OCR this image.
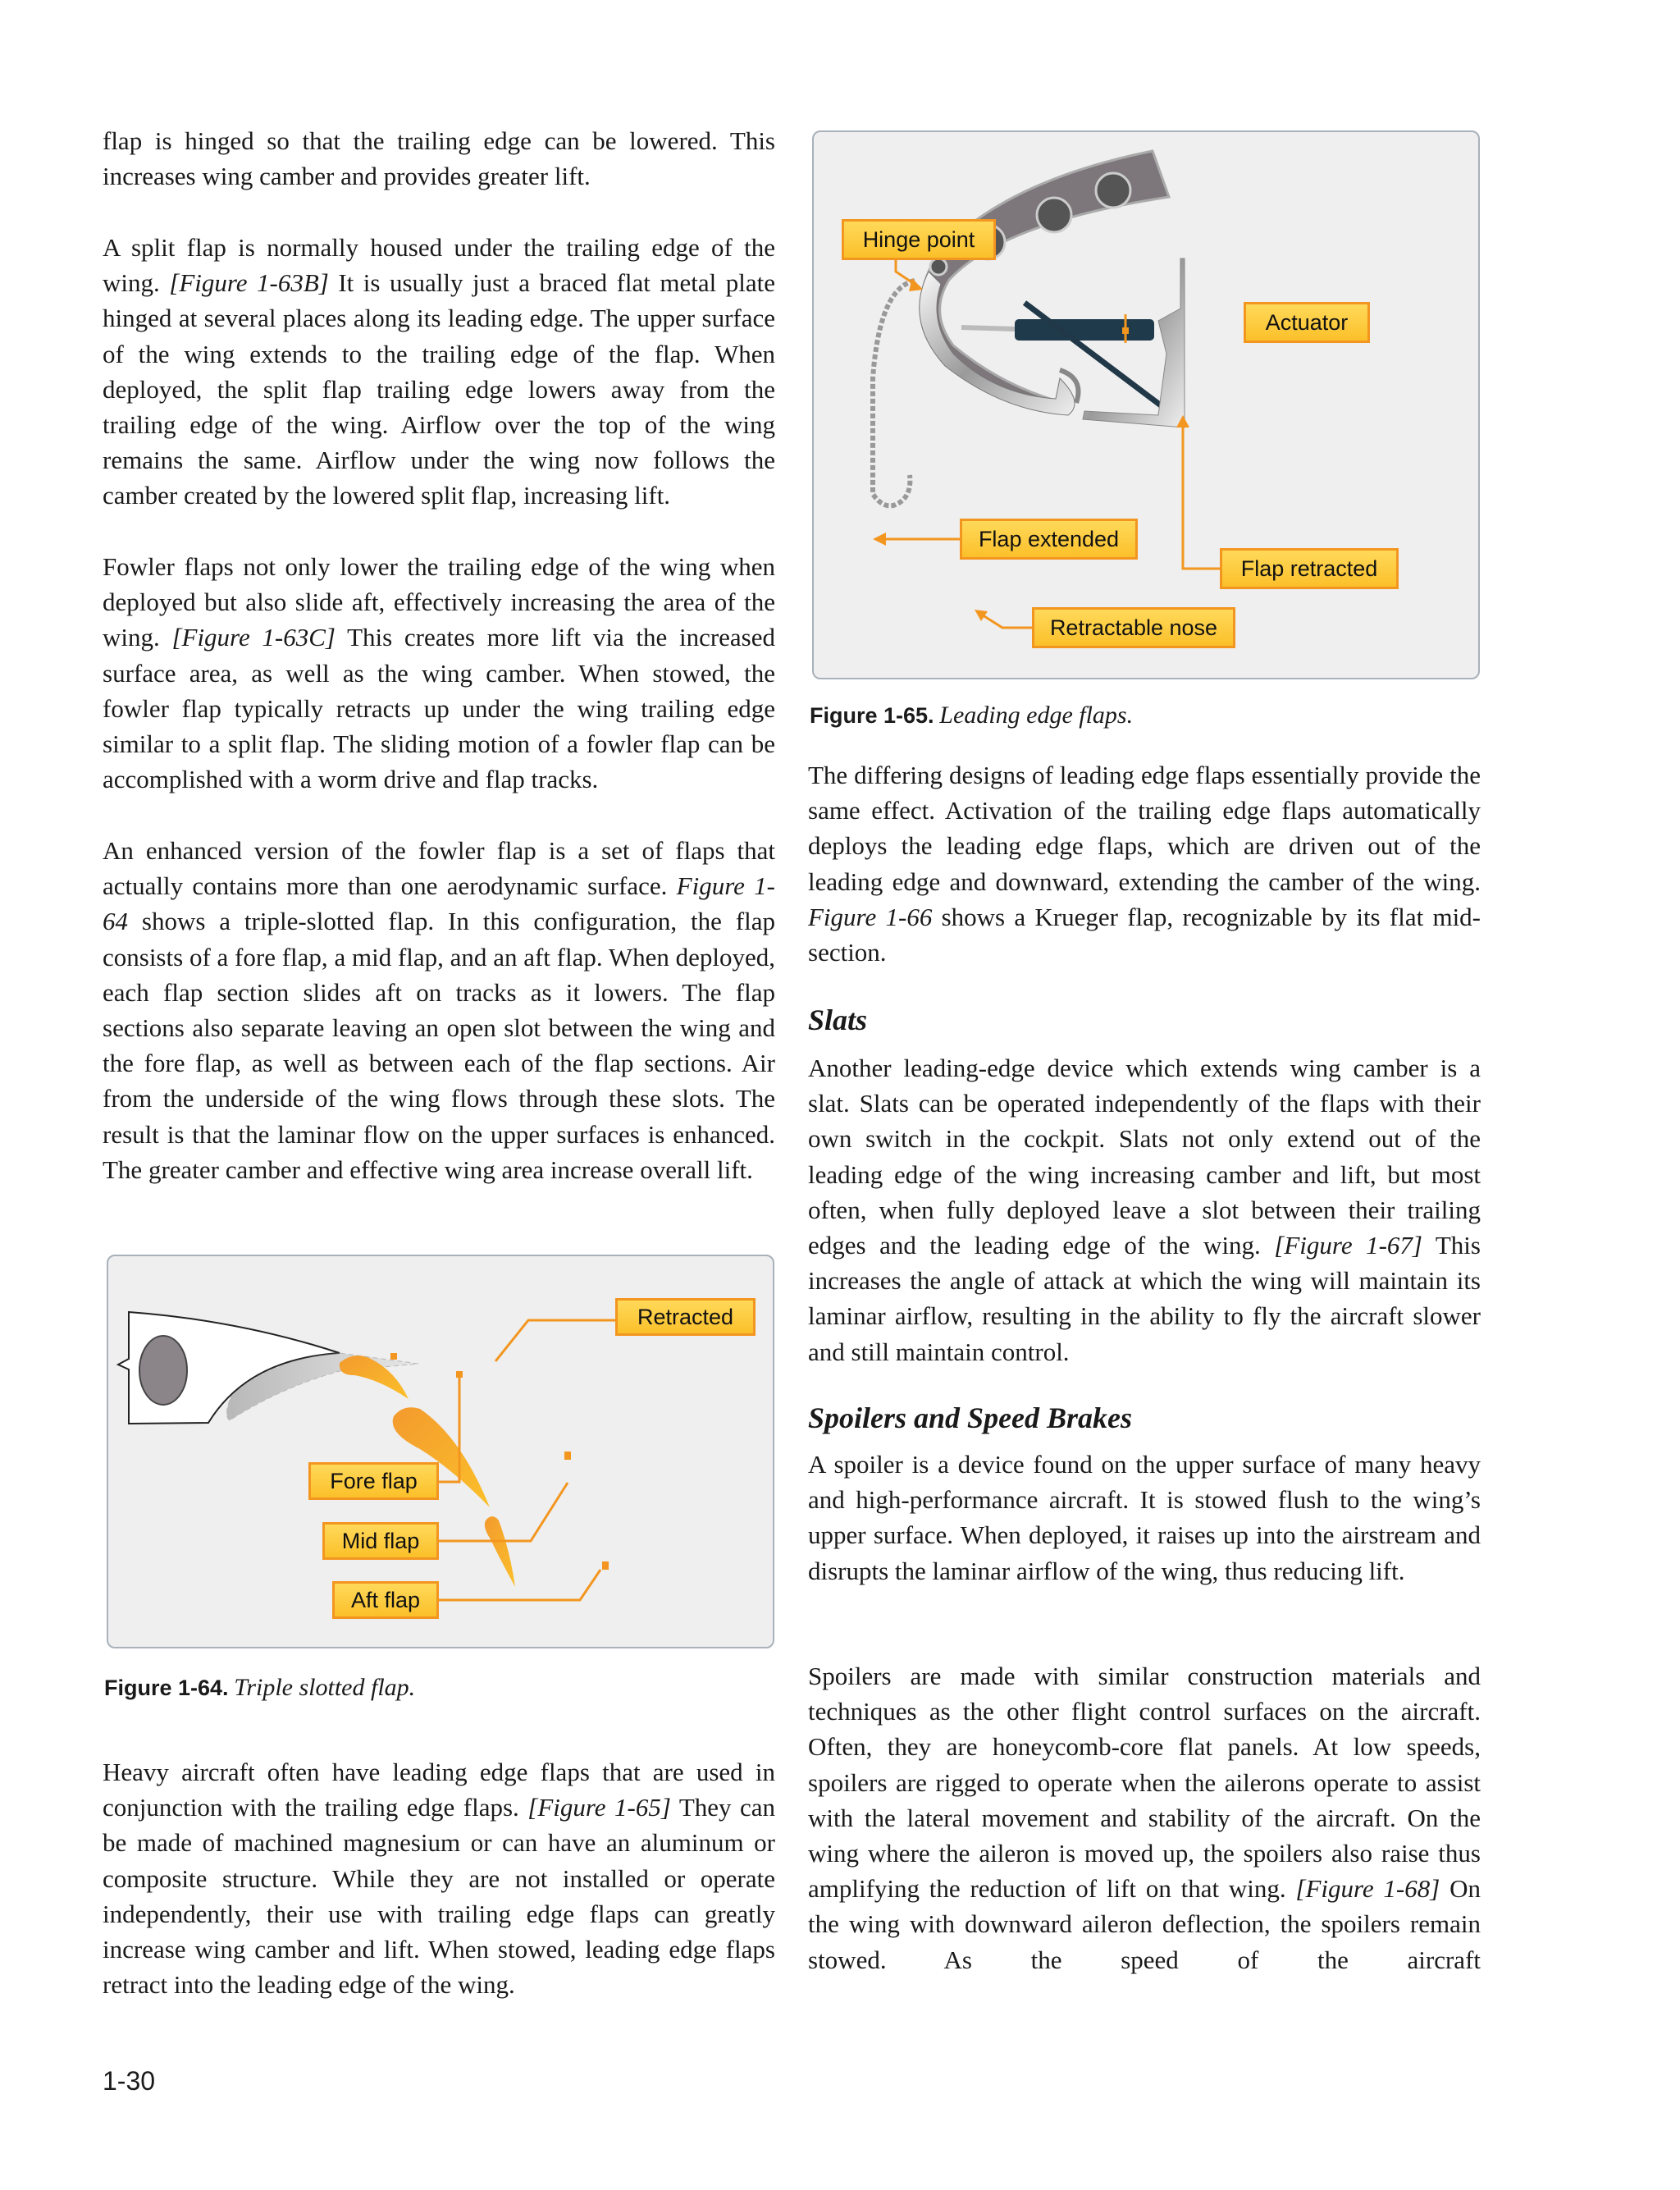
flap is hinged so that the trailing edge can be lowered. This increases wing camber and provides greater lift.

A split flap is normally housed under the trailing edge of the wing. [Figure 1-63B] It is usually just a braced flat metal plate hinged at several places along its leading edge. The upper surface of the wing extends to the trailing edge of the flap. When deployed, the split flap trailing edge lowers away from the trailing edge of the wing. Airflow over the top of the wing remains the same. Airflow under the wing now follows the camber created by the lowered split flap, increasing lift.

Fowler flaps not only lower the trailing edge of the wing when deployed but also slide aft, effectively increasing the area of the wing. [Figure 1-63C] This creates more lift via the increased surface area, as well as the wing camber. When stowed, the fowler flap typically retracts up under the wing trailing edge similar to a split flap. The sliding motion of a fowler flap can be accomplished with a worm drive and flap tracks.

An enhanced version of the fowler flap is a set of flaps that actually contains more than one aerodynamic surface. Figure 1-64 shows a triple-slotted flap. In this configuration, the flap consists of a fore flap, a mid flap, and an aft flap. When deployed, each flap section slides aft on tracks as it lowers. The flap sections also separate leaving an open slot between the wing and the fore flap, as well as between each of the flap sections. Air from the underside of the wing flows through these slots. The result is that the laminar flow on the upper surfaces is enhanced. The greater camber and effective wing area increase overall lift.

Retracted
Fore flap
Mid flap
Aft flap
Figure 1-64. Triple slotted flap.

Heavy aircraft often have leading edge flaps that are used in conjunction with the trailing edge flaps. [Figure 1-65] They can be made of machined magnesium or can have an aluminum or composite structure. While they are not installed or operate independently, their use with trailing edge flaps can greatly increase wing camber and lift. When stowed, leading edge flaps retract into the leading edge of the wing.

1-30
Hinge point
Actuator
Flap extended
Flap retracted
Retractable nose
Figure 1-65. Leading edge flaps.

The differing designs of leading edge flaps essentially provide the same effect. Activation of the trailing edge flaps automatically deploys the leading edge flaps, which are driven out of the leading edge and downward, extending the camber of the wing. Figure 1-66 shows a Krueger flap, recognizable by its flat mid-section.

Slats

Another leading-edge device which extends wing camber is a slat. Slats can be operated independently of the flaps with their own switch in the cockpit. Slats not only extend out of the leading edge of the wing increasing camber and lift, but most often, when fully deployed leave a slot between their trailing edges and the leading edge of the wing. [Figure 1-67] This increases the angle of attack at which the wing will maintain its laminar airflow, resulting in the ability to fly the aircraft slower and still maintain control.

Spoilers and Speed Brakes

A spoiler is a device found on the upper surface of many heavy and high-performance aircraft. It is stowed flush to the wing’s upper surface. When deployed, it raises up into the airstream and disrupts the laminar airflow of the wing, thus reducing lift.

Spoilers are made with similar construction materials and techniques as the other flight control surfaces on the aircraft. Often, they are honeycomb-core flat panels. At low speeds, spoilers are rigged to operate when the ailerons operate to assist with the lateral movement and stability of the aircraft. On the wing where the aileron is moved up, the spoilers also raise thus amplifying the reduction of lift on that wing. [Figure 1-68] On the wing with downward aileron deflection, the spoilers remain stowed. As the speed of the aircraft
